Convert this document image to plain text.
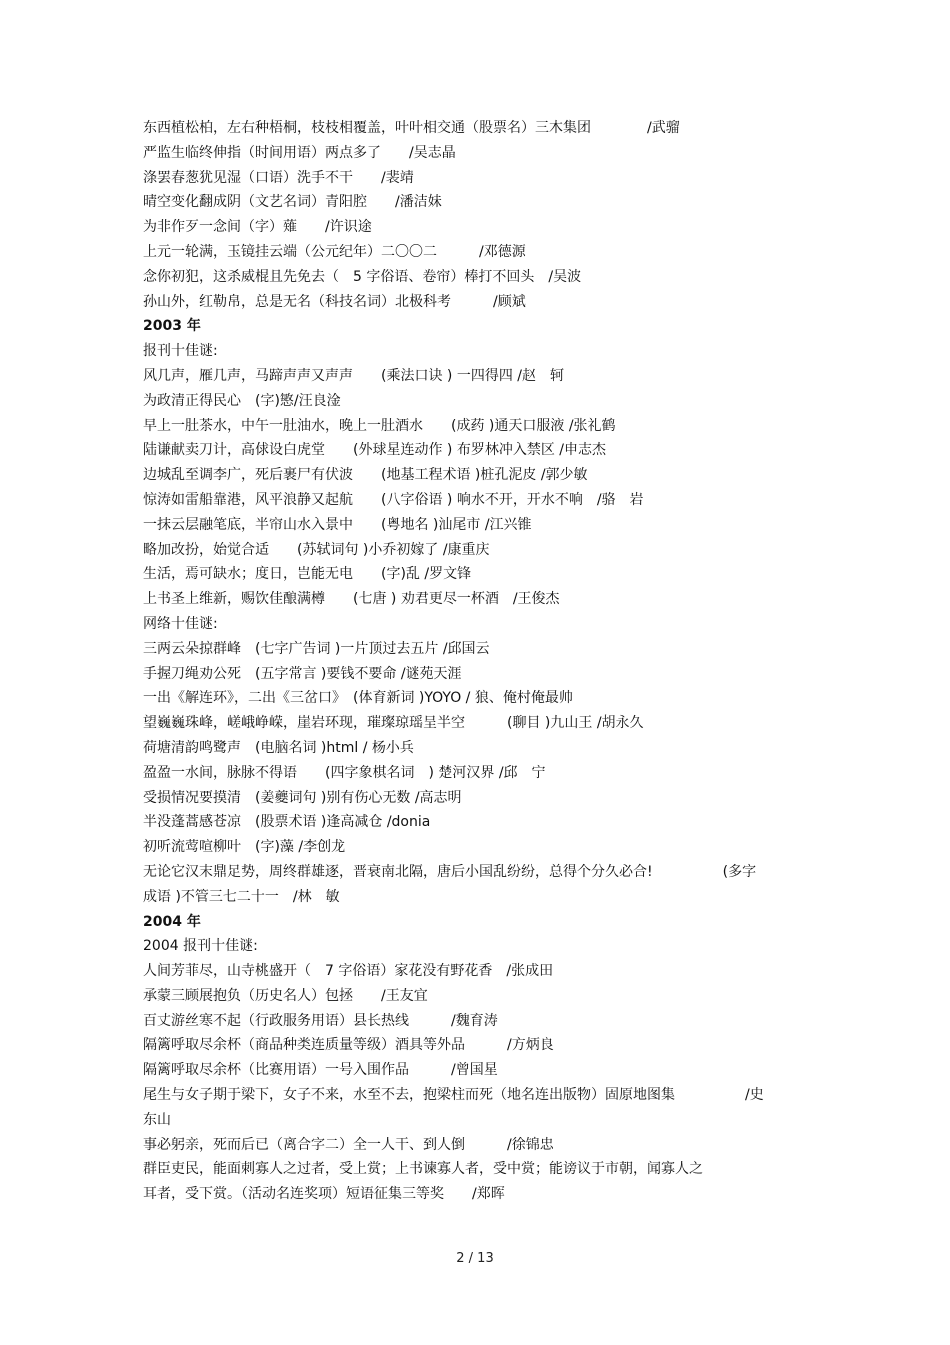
东西植松柏，左右种梧桐，枝枝相覆盖，叶叶相交通（股票名）三木集团　　　　/武骝
严监生临终伸指（时间用语）两点多了　　/吴志晶
涤罢春葱犹见湿（口语）洗手不干　　/裴靖
晴空变化翻成阴（文艺名词）青阳腔　　/潘洁妹
为非作歹一念间（字）薙　　/许识途
上元一轮满，玉镜挂云端（公元纪年）二〇〇二　　　/邓德源
念你初犯，这杀威棍且先免去（　5 字俗语、卷帘）棒打不回头　/吴波
孙山外，红勒帛，总是无名（科技名词）北极科考　　　/顾斌
2003 年
报刊十佳谜:
风几声，雁几声，马蹄声声又声声　　(乘法口诀 ) 一四得四 /赵　轲
为政清正得民心　(字)慜/汪良淦
早上一肚茶水，中午一肚油水，晚上一肚酒水　　(成药 )通天口服液 /张礼鹤
陆谦献卖刀计，高俅设白虎堂　　(外球星连动作 ) 布罗林冲入禁区 /申志杰
边城乱至调李广，死后裹尸有伏波　　(地基工程术语 )桩孔泥皮 /郭少敏
惊涛如雷船靠港，风平浪静又起航　　(八字俗语 ) 响水不开，开水不响　/骆　岩
一抹云层融笔底，半帘山水入景中　　(粤地名 )汕尾市 /江兴锥
略加改扮，始觉合适　　(苏轼词句 )小乔初嫁了 /康重庆
生活，焉可缺水；度日，岂能无电　　(字)乱 /罗文锋
上书圣上维新，赐饮佳酿满樽　　(七唐 ) 劝君更尽一杯酒　/王俊杰
网络十佳谜:
三两云朵掠群峰　(七字广告词 )一片顶过去五片 /邱国云
手握刀绳劝公死　(五字常言 )要钱不要命 /谜苑天涯
一出《解连环》，二出《三岔口》　(体育新词 )YOYO / 狼、俺村俺最帅
望巍巍珠峰，嵯峨峥嵘，崖岩环现，璀璨琼瑶呈半空　　　(聊目 )九山王 /胡永久
荷塘清韵鸣鹭声　(电脑名词 )html / 杨小兵
盈盈一水间，脉脉不得语　　(四字象棋名词　) 楚河汉界 /邱　宁
受损情况要摸清　(姜夔词句 )别有伤心无数 /高志明
半没蓬蒿感苍凉　(股票术语 )逢高减仓 /donia
初听流莺喧柳叶　(字)藻 /李创龙
无论它汉末鼎足势，周终群雄逐，晋衰南北隔，唐后小国乱纷纷，总得个分久必合!　　　　　(多字
成语 )不管三七二十一　/林　敏
2004 年
2004 报刊十佳谜:
人间芳菲尽，山寺桃盛开（　7 字俗语）家花没有野花香　/张成田
承蒙三顾展抱负（历史名人）包拯　　/王友宜
百丈游丝寒不起（行政服务用语）县长热线　　　/魏育涛
隔篱呼取尽余杯（商品种类连质量等级）酒具等外品　　　/方炳良
隔篱呼取尽余杯（比赛用语）一号入围作品　　　/曾国星
尾生与女子期于梁下，女子不来，水至不去，抱梁柱而死（地名连出版物）固原地图集　　　　　/史
东山
事必躬亲，死而后已（离合字二）全一人干、到人倒　　　/徐锦忠
群臣吏民，能面刺寡人之过者，受上赏；上书谏寡人者，受中赏；能谤议于市朝，闻寡人之
耳者，受下赏。（活动名连奖项）短语征集三等奖　　/郑晖
2 / 13
